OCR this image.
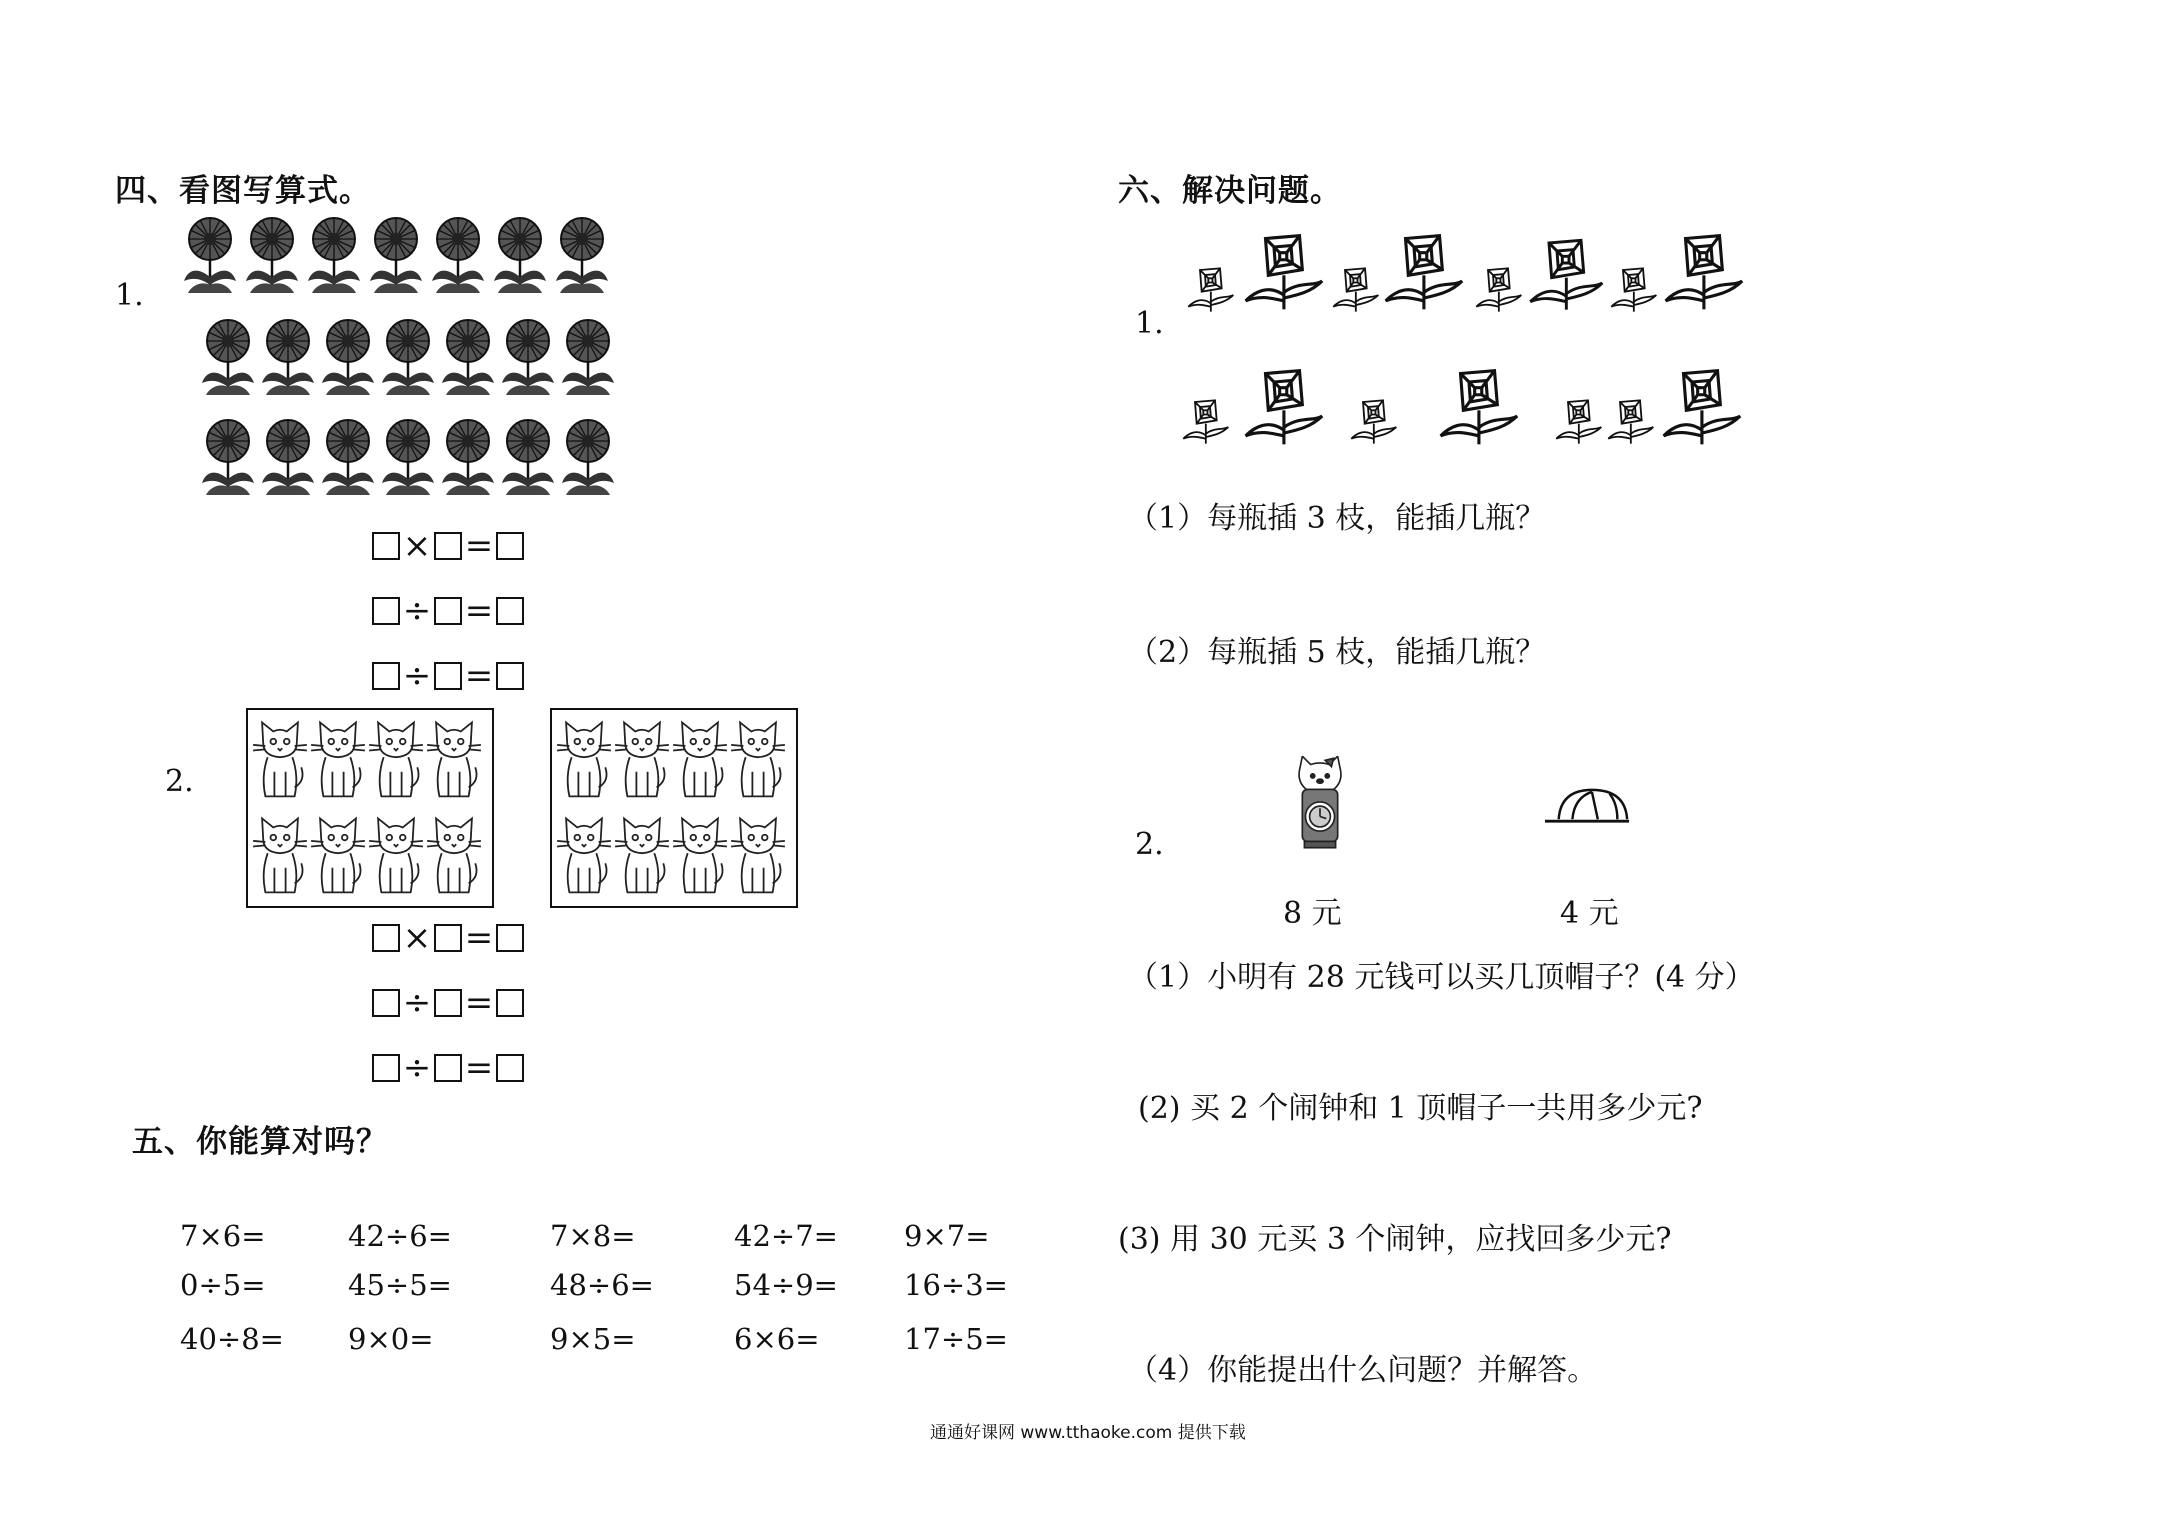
四、看图写算式。
1.
× =
÷ =
÷ =
2.
× =
÷ =
÷ =
五、你能算对吗？
7×6=	42÷6=	7×8=	42÷7= 9×7=
0÷5=	45÷5=	48÷6=	54÷9= 16÷3=
40÷8= 9×0=	9×5=	6×6=	17÷5=
六、解决问题。
1.
（1）每瓶插 3 枝，能插几瓶？
（2）每瓶插 5 枝，能插几瓶？
2.
8 元	4 元
（1）小明有 28 元钱可以买几顶帽子？(4 分）
(2) 买 2 个闹钟和 1 顶帽子一共用多少元?
(3) 用 30 元买 3 个闹钟，应找回多少元?
（4）你能提出什么问题？并解答。
通通好课网 www.tthaoke.com 提供下载
